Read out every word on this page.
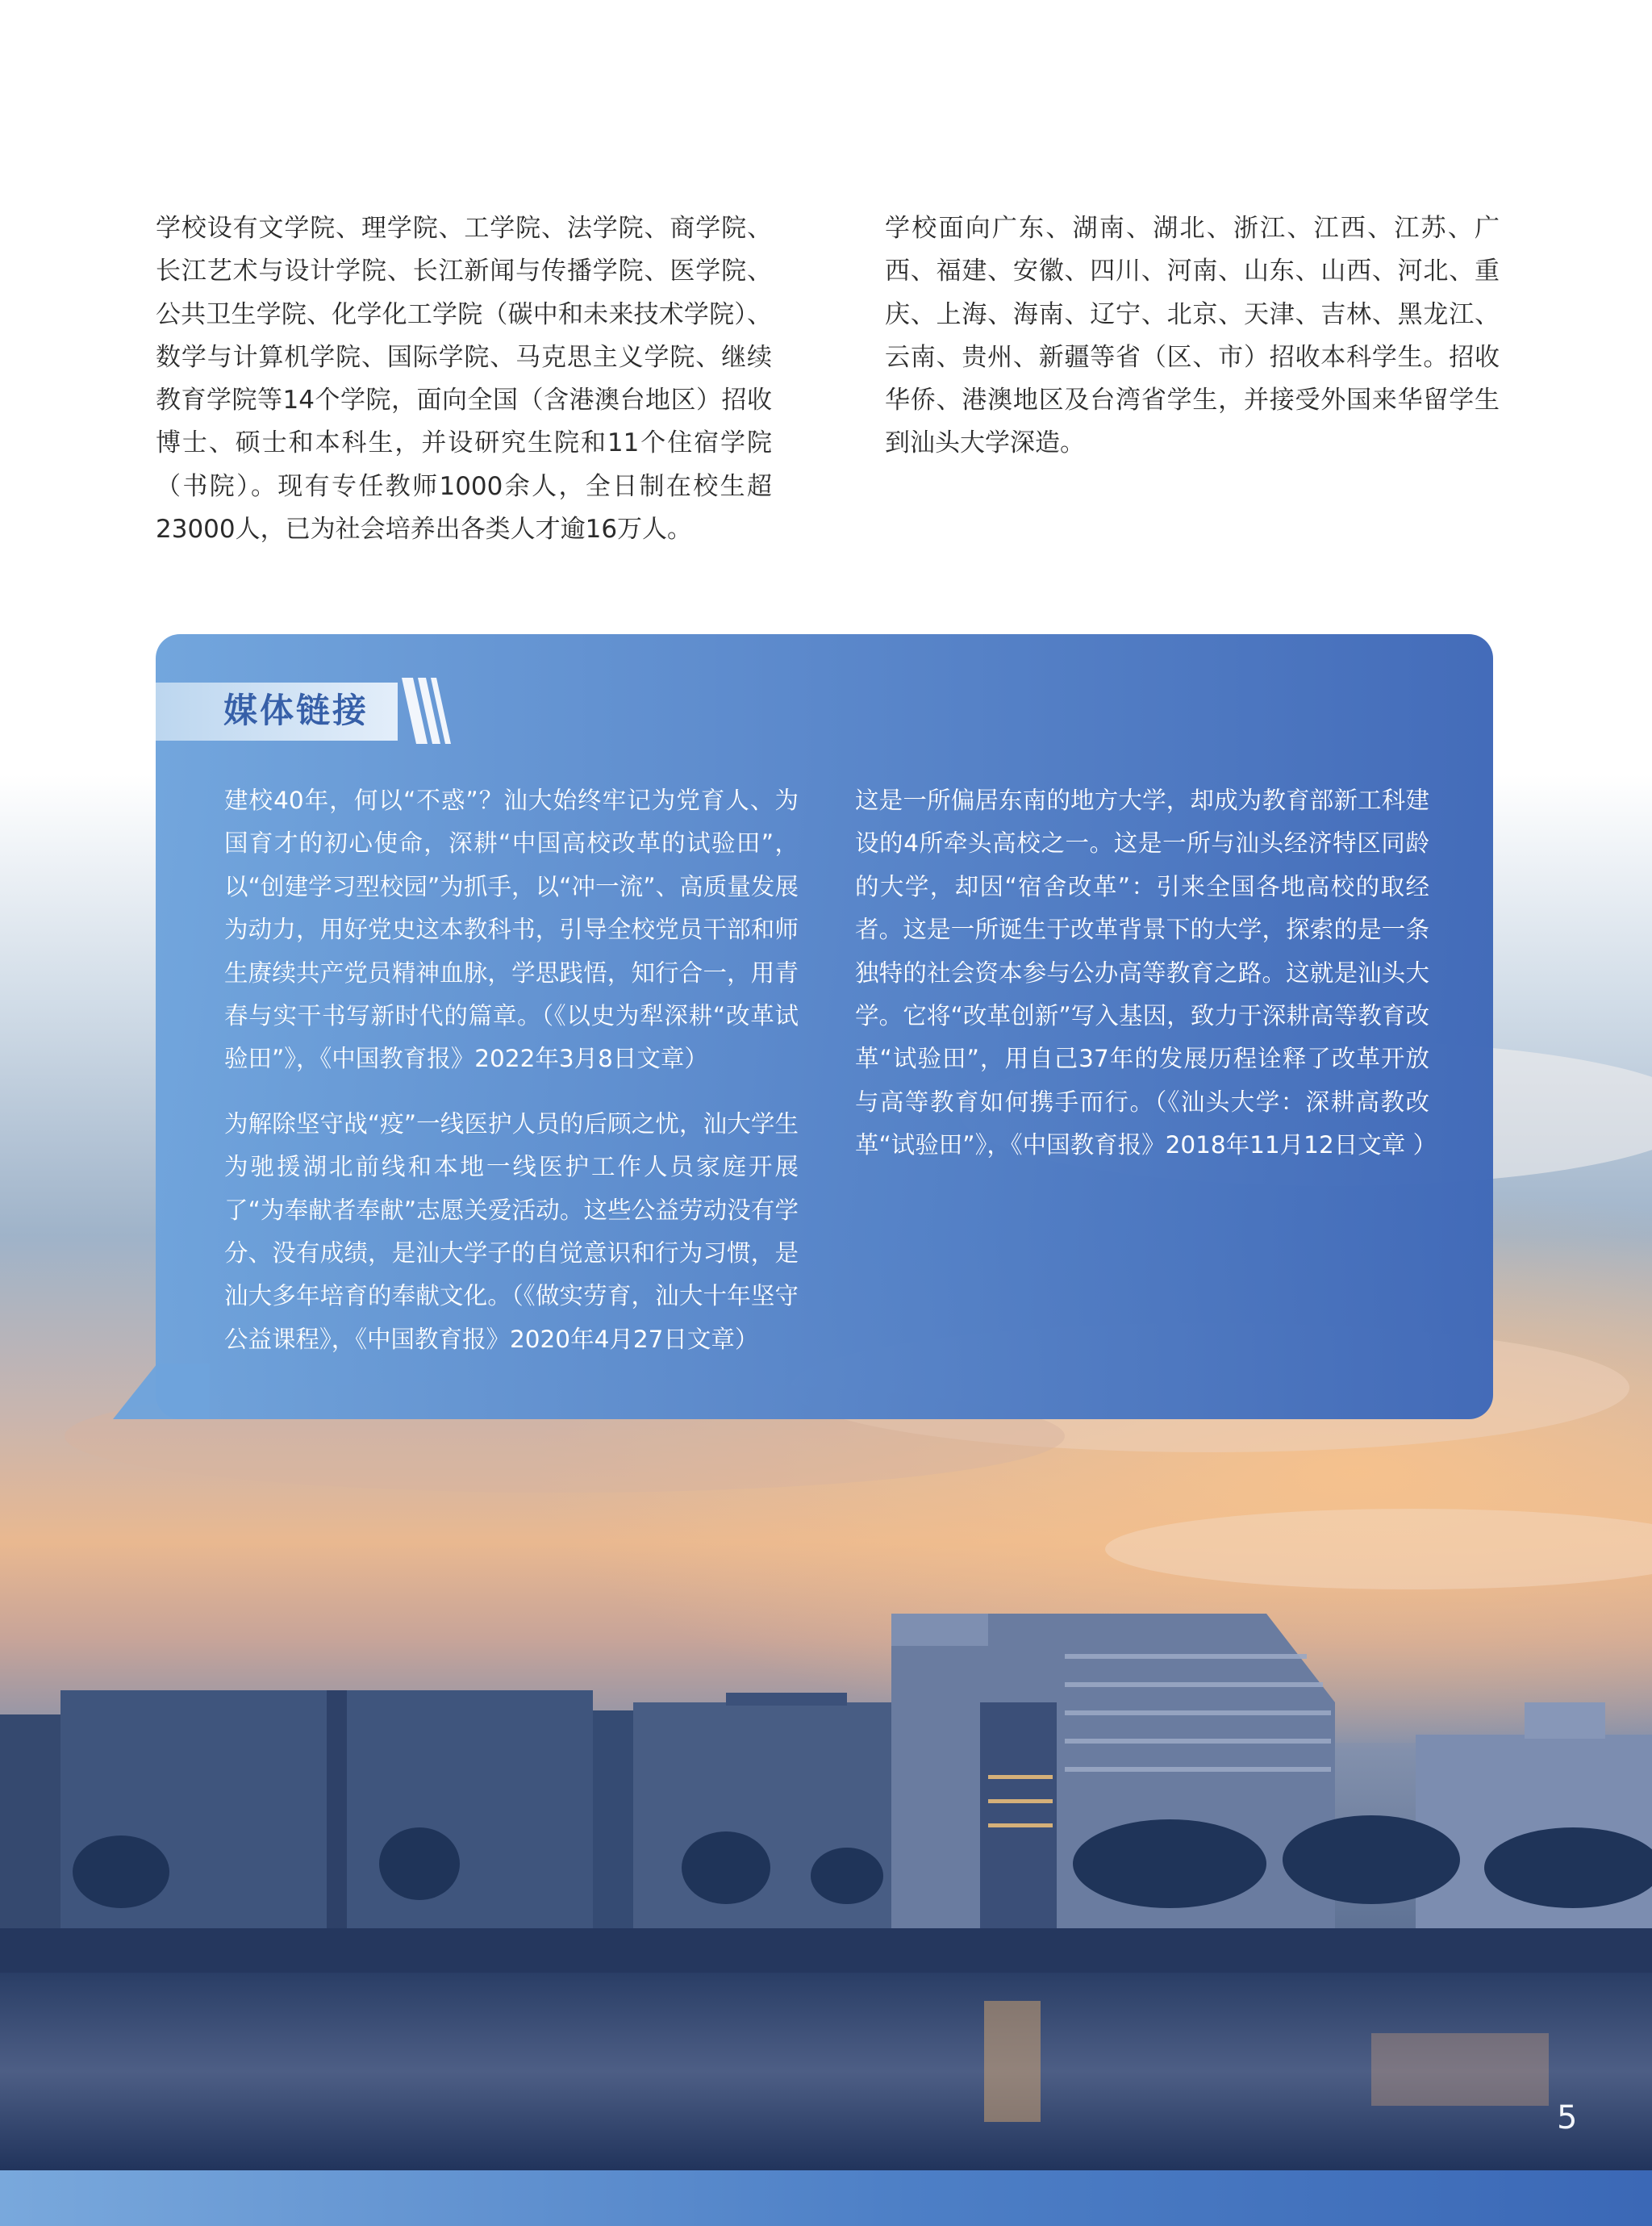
学校设有文学院、理学院、工学院、法学院、商学院、长江艺术与设计学院、长江新闻与传播学院、医学院、公共卫生学院、化学化工学院（碳中和未来技术学院）、数学与计算机学院、国际学院、马克思主义学院、继续教育学院等14个学院，面向全国（含港澳台地区）招收博士、硕士和本科生，并设研究生院和11个住宿学院（书院）。现有专任教师1000余人，全日制在校生超23000人，已为社会培养出各类人才逾16万人。

学校面向广东、湖南、湖北、浙江、江西、江苏、广西、福建、安徽、四川、河南、山东、山西、河北、重庆、上海、海南、辽宁、北京、天津、吉林、黑龙江、云南、贵州、新疆等省（区、市）招收本科学生。招收华侨、港澳地区及台湾省学生，并接受外国来华留学生到汕头大学深造。

媒体链接

建校40年，何以“不惑”？汕大始终牢记为党育人、为国育才的初心使命，深耕“中国高校改革的试验田”，以“创建学习型校园”为抓手，以“冲一流”、高质量发展为动力，用好党史这本教科书，引导全校党员干部和师生赓续共产党员精神血脉，学思践悟，知行合一，用青春与实干书写新时代的篇章。（《以史为犁深耕“改革试验田”》，《中国教育报》2022年3月8日文章）

为解除坚守战“疫”一线医护人员的后顾之忧，汕大学生为驰援湖北前线和本地一线医护工作人员家庭开展了“为奉献者奉献”志愿关爱活动。这些公益劳动没有学分、没有成绩，是汕大学子的自觉意识和行为习惯，是汕大多年培育的奉献文化。（《做实劳育，汕大十年坚守公益课程》，《中国教育报》2020年4月27日文章）

这是一所偏居东南的地方大学，却成为教育部新工科建设的4所牵头高校之一。这是一所与汕头经济特区同龄的大学，却因“宿舍改革”：引来全国各地高校的取经者。这是一所诞生于改革背景下的大学，探索的是一条独特的社会资本参与公办高等教育之路。这就是汕头大学。它将“改革创新”写入基因，致力于深耕高等教育改革“试验田”，用自己37年的发展历程诠释了改革开放与高等教育如何携手而行。（《汕头大学：深耕高教改革“试验田”》，《中国教育报》2018年11月12日文章 ）

5
